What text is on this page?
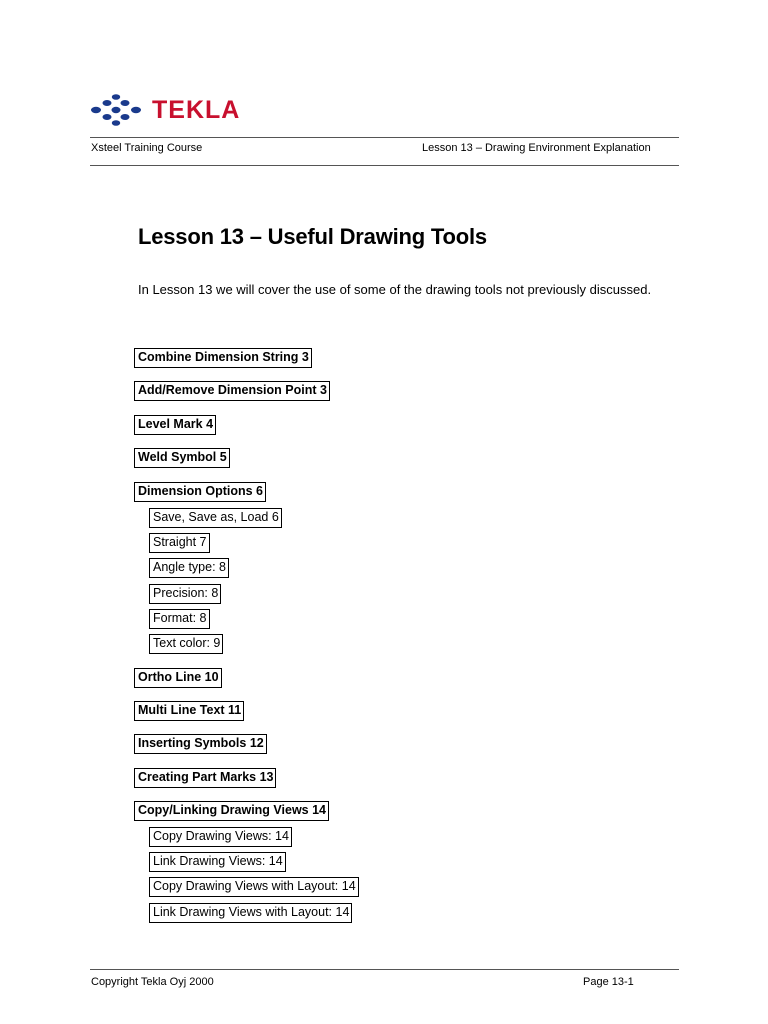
TEKLA
Xsteel Training Course	Lesson 13 – Drawing Environment Explanation
Lesson 13 – Useful Drawing Tools

In Lesson 13 we will cover the use of some of the drawing tools not previously discussed.

Combine Dimension String 3
Add/Remove Dimension Point 3
Level Mark 4
Weld Symbol 5
Dimension Options 6
Save, Save as, Load 6
Straight 7
Angle type: 8
Precision: 8
Format: 8
Text color: 9
Ortho Line 10
Multi Line Text 11
Inserting Symbols 12
Creating Part Marks 13
Copy/Linking Drawing Views 14
Copy Drawing Views: 14
Link Drawing Views: 14
Copy Drawing Views with Layout: 14
Link Drawing Views with Layout: 14
Copyright Tekla Oyj 2000	Page 13-1
